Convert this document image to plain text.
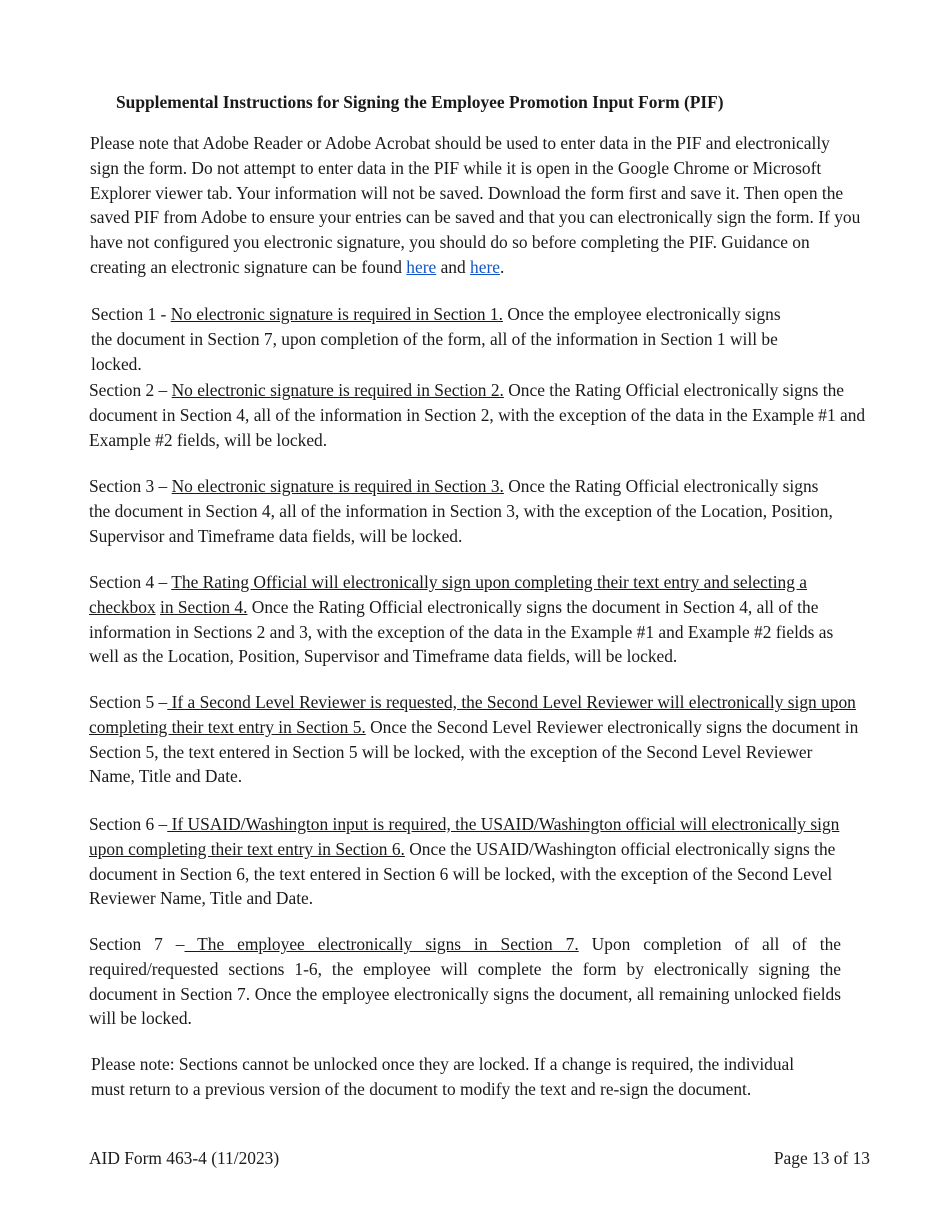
Supplemental Instructions for Signing the Employee Promotion Input Form (PIF)
Please note that Adobe Reader or Adobe Acrobat should be used to enter data in the PIF and electronically sign the form. Do not attempt to enter data in the PIF while it is open in the Google Chrome or Microsoft Explorer viewer tab. Your information will not be saved. Download the form first and save it. Then open the saved PIF from Adobe to ensure your entries can be saved and that you can electronically sign the form. If you have not configured you electronic signature, you should do so before completing the PIF. Guidance on creating an electronic signature can be found here and here.
Section 1 - No electronic signature is required in Section 1. Once the employee electronically signs the document in Section 7, upon completion of the form, all of the information in Section 1 will be locked.
Section 2 – No electronic signature is required in Section 2. Once the Rating Official electronically signs the document in Section 4, all of the information in Section 2, with the exception of the data in the Example #1 and Example #2 fields, will be locked.
Section 3 – No electronic signature is required in Section 3. Once the Rating Official electronically signs the document in Section 4, all of the information in Section 3, with the exception of the Location, Position, Supervisor and Timeframe data fields, will be locked.
Section 4 – The Rating Official will electronically sign upon completing their text entry and selecting a checkbox in Section 4. Once the Rating Official electronically signs the document in Section 4, all of the information in Sections 2 and 3, with the exception of the data in the Example #1 and Example #2 fields as well as the Location, Position, Supervisor and Timeframe data fields, will be locked.
Section 5 – If a Second Level Reviewer is requested, the Second Level Reviewer will electronically sign upon completing their text entry in Section 5. Once the Second Level Reviewer electronically signs the document in Section 5, the text entered in Section 5 will be locked, with the exception of the Second Level Reviewer Name, Title and Date.
Section 6 – If USAID/Washington input is required, the USAID/Washington official will electronically sign upon completing their text entry in Section 6. Once the USAID/Washington official electronically signs the document in Section 6, the text entered in Section 6 will be locked, with the exception of the Second Level Reviewer Name, Title and Date.
Section 7 – The employee electronically signs in Section 7. Upon completion of all of the required/requested sections 1-6, the employee will complete the form by electronically signing the document in Section 7. Once the employee electronically signs the document, all remaining unlocked fields will be locked.
Please note: Sections cannot be unlocked once they are locked. If a change is required, the individual must return to a previous version of the document to modify the text and re-sign the document.
AID Form 463-4 (11/2023)	Page 13 of 13
